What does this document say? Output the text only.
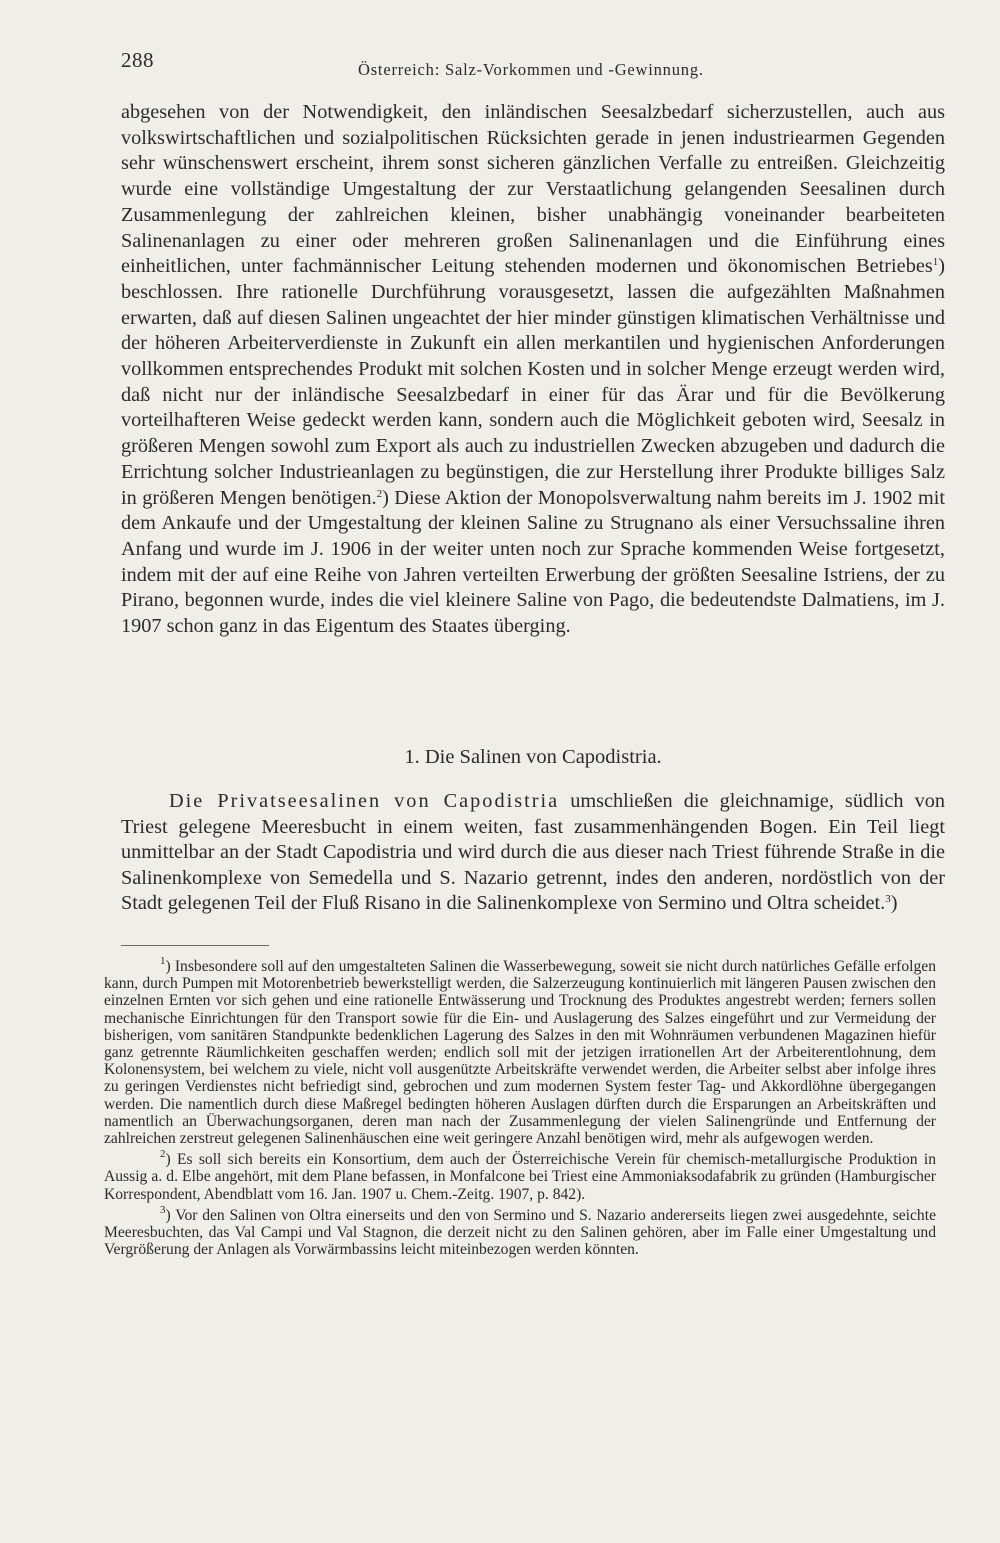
288	Österreich: Salz-Vorkommen und -Gewinnung.

abgesehen von der Notwendigkeit, den inländischen Seesalzbedarf sicherzustellen, auch aus volkswirtschaftlichen und sozialpolitischen Rücksichten gerade in jenen industriearmen Gegenden sehr wünschenswert erscheint, ihrem sonst sicheren gänzlichen Verfalle zu entreißen. Gleichzeitig wurde eine vollständige Umgestaltung der zur Verstaatlichung gelangenden Seesalinen durch Zusammenlegung der zahlreichen kleinen, bisher unabhängig voneinander bearbeiteten Salinenanlagen zu einer oder mehreren großen Salinenanlagen und die Einführung eines einheitlichen, unter fachmännischer Leitung stehenden modernen und ökonomischen Betriebes$^1$) beschlossen. Ihre rationelle Durchführung vorausgesetzt, lassen die aufgezählten Maßnahmen erwarten, daß auf diesen Salinen ungeachtet der hier minder günstigen klimatischen Verhältnisse und der höheren Arbeiterverdienste in Zukunft ein allen merkantilen und hygienischen Anforderungen vollkommen entsprechendes Produkt mit solchen Kosten und in solcher Menge erzeugt werden wird, daß nicht nur der inländische Seesalzbedarf in einer für das Ärar und für die Bevölkerung vorteilhafteren Weise gedeckt werden kann, sondern auch die Möglichkeit geboten wird, Seesalz in größeren Mengen sowohl zum Export als auch zu industriellen Zwecken abzugeben und dadurch die Errichtung solcher Industrieanlagen zu begünstigen, die zur Herstellung ihrer Produkte billiges Salz in größeren Mengen benötigen.$^2$) Diese Aktion der Monopolsverwaltung nahm bereits im J. 1902 mit dem Ankaufe und der Umgestaltung der kleinen Saline zu Strugnano als einer Versuchssaline ihren Anfang und wurde im J. 1906 in der weiter unten noch zur Sprache kommenden Weise fortgesetzt, indem mit der auf eine Reihe von Jahren verteilten Erwerbung der größten Seesaline Istriens, der zu Pirano, begonnen wurde, indes die viel kleinere Saline von Pago, die bedeutendste Dalmatiens, im J. 1907 schon ganz in das Eigentum des Staates überging.

1. Die Salinen von Capodistria.

Die Privatseesalinen von Capodistria umschließen die gleichnamige, südlich von Triest gelegene Meeresbucht in einem weiten, fast zusammenhängenden Bogen. Ein Teil liegt unmittelbar an der Stadt Capodistria und wird durch die aus dieser nach Triest führende Straße in die Salinenkomplexe von Semedella und S. Nazario getrennt, indes den anderen, nordöstlich von der Stadt gelegenen Teil der Fluß Risano in die Salinenkomplexe von Sermino und Oltra scheidet.$^3$)

$^1$) Insbesondere soll auf den umgestalteten Salinen die Wasserbewegung, soweit sie nicht durch natürliches Gefälle erfolgen kann, durch Pumpen mit Motorenbetrieb bewerkstelligt werden, die Salzerzeugung kontinuierlich mit längeren Pausen zwischen den einzelnen Ernten vor sich gehen und eine rationelle Entwässerung und Trocknung des Produktes angestrebt werden; ferners sollen mechanische Einrichtungen für den Transport sowie für die Ein- und Auslagerung des Salzes eingeführt und zur Vermeidung der bisherigen, vom sanitären Standpunkte bedenklichen Lagerung des Salzes in den mit Wohnräumen verbundenen Magazinen hiefür ganz getrennte Räumlichkeiten geschaffen werden; endlich soll mit der jetzigen irrationellen Art der Arbeiterentlohnung, dem Kolonensystem, bei welchem zu viele, nicht voll ausgenützte Arbeitskräfte verwendet werden, die Arbeiter selbst aber infolge ihres zu geringen Verdienstes nicht befriedigt sind, gebrochen und zum modernen System fester Tag- und Akkordlöhne übergegangen werden. Die namentlich durch diese Maßregel bedingten höheren Auslagen dürften durch die Ersparungen an Arbeitskräften und namentlich an Überwachungsorganen, deren man nach der Zusammenlegung der vielen Salinengründe und Entfernung der zahlreichen zerstreut gelegenen Salinenhäuschen eine weit geringere Anzahl benötigen wird, mehr als aufgewogen werden.

$^2$) Es soll sich bereits ein Konsortium, dem auch der Österreichische Verein für chemisch-metallurgische Produktion in Aussig a. d. Elbe angehört, mit dem Plane befassen, in Monfalcone bei Triest eine Ammoniaksodafabrik zu gründen (Hamburgischer Korrespondent, Abendblatt vom 16. Jan. 1907 u. Chem.-Zeitg. 1907, p. 842).

$^3$) Vor den Salinen von Oltra einerseits und den von Sermino und S. Nazario andererseits liegen zwei ausgedehnte, seichte Meeresbuchten, das Val Campi und Val Stagnon, die derzeit nicht zu den Salinen gehören, aber im Falle einer Umgestaltung und Vergrößerung der Anlagen als Vorwärmbassins leicht miteinbezogen werden könnten.
